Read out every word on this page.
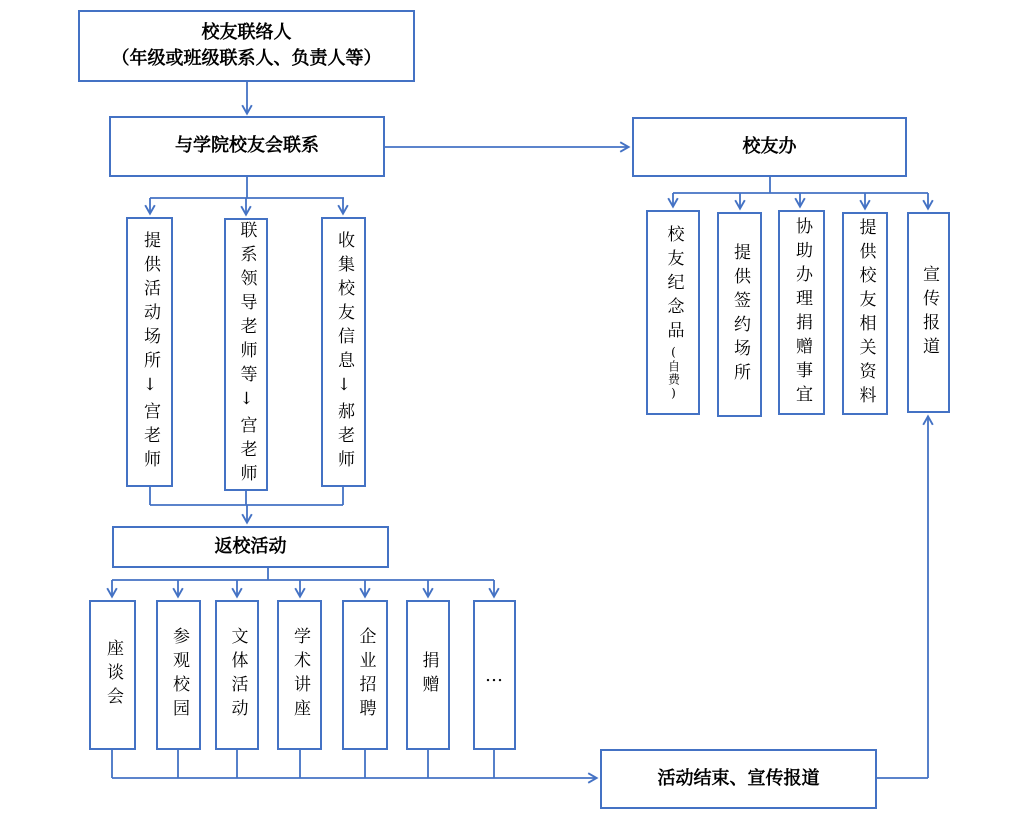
校友联络人
（年级或班级联系人、负责人等）
与学院校友会联系	校友办
提供活动场所↓宫老师	联系领导老师等↓宫老师	收集校友信息↓郝老师	校友纪念品(自费)	提供签约场所 协助办理捐赠事宜	提供校友相关资料	宣传报道
返校活动
座谈会	参观校园 文体活动	学术讲座	企业招聘	捐赠	…
活动结束、宣传报道
